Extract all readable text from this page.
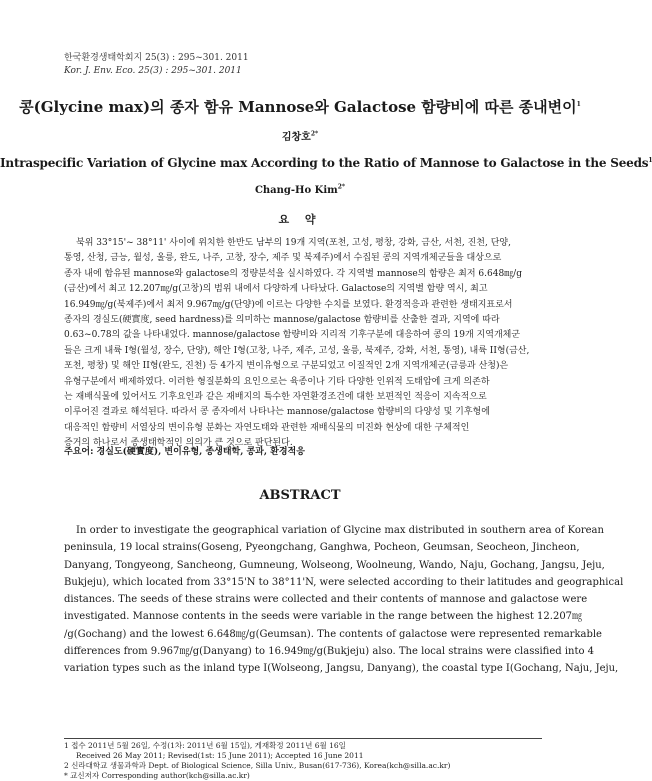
한국환경생태학회지 25(3) : 295~301. 2011
Kor. J. Env. Eco. 25(3) : 295~301. 2011
콩(Glycine max)의 종자 함유 Mannose와 Galactose 함량비에 따른 종내변이$^1$
김창호$^{2*}$
Intraspecific Variation of Glycine max According to the Ratio of Mannose to Galactose in the Seeds$^1$
Chang-Ho Kim$^{2*}$
요 약
북위 33°15'~ 38°11' 사이에 위치한 한반도 남부의 19개 지역(포천, 고성, 평창, 강화, 금산, 서천, 진천, 단양,
통영, 산청, 금능, 월성, 울릉, 완도, 나주, 고창, 장수, 제주 및 북제주)에서 수집된 콩의 지역개체군들을 대상으로
종자 내에 함유된 mannose와 galactose의 정량분석을 실시하였다. 각 지역별 mannose의 함량은 최저 6.648㎎/g
(금산)에서 최고 12.207㎎/g(고창)의 범위 내에서 다양하게 나타났다. Galactose의 지역별 함량 역시, 최고
16.949㎎/g(북제주)에서 최저 9.967㎎/g(단양)에 이르는 다양한 수치를 보였다. 환경적응과 관련한 생태지표로서
종자의 경실도(硬實度, seed hardness)를 의미하는 mannose/galactose 함량비를 산출한 결과, 지역에 따라
0.63~0.78의 값을 나타내었다. mannose/galactose 함량비와 지리적 기후구분에 대응하여 콩의 19개 지역개체군
들은 크게 내륙 I형(월성, 장수, 단양), 해안 I형(고창, 나주, 제주, 고성, 울릉, 북제주, 강화, 서천, 통영), 내륙 II형(금산,
포천, 평창) 및 해안 II형(완도, 진천) 등 4가지 변이유형으로 구분되었고 이질적인 2개 지역개체군(금릉과 산청)은
유형구분에서 배제하였다. 이러한 형질분화의 요인으로는 육종이나 기타 다양한 인위적 도태압에 크게 의존하
는 재배식물에 있어서도 기후요인과 같은 재배지의 특수한 자연환경조건에 대한 보편적인 적응이 지속적으로
이루어진 결과로 해석된다. 따라서 콩 종자에서 나타나는 mannose/galactose 함량비의 다양성 및 기후형에
대응적인 함량비 서열상의 변이유형 분화는 자연도태와 관련한 재배식물의 미진화 현상에 대한 구체적인
증거의 하나로서 종생태학적인 의의가 큰 것으로 판단된다.
주요어: 경실도(硬實度), 변이유형, 종생태학, 콩과, 환경적응
ABSTRACT
In order to investigate the geographical variation of Glycine max distributed in southern area of Korean
peninsula, 19 local strains(Goseng, Pyeongchang, Ganghwa, Pocheon, Geumsan, Seocheon, Jincheon,
Danyang, Tongyeong, Sancheong, Gumneung, Wolseong, Woolneung, Wando, Naju, Gochang, Jangsu, Jeju,
Bukjeju), which located from 33°15'N to 38°11'N, were selected according to their latitudes and geographical
distances. The seeds of these strains were collected and their contents of mannose and galactose were
investigated. Mannose contents in the seeds were variable in the range between the highest 12.207㎎
/g(Gochang) and the lowest 6.648㎎/g(Geumsan). The contents of galactose were represented remarkable
differences from 9.967㎎/g(Danyang) to 16.949㎎/g(Bukjeju) also. The local strains were classified into 4
variation types such as the inland type I(Wolseong, Jangsu, Danyang), the coastal type I(Gochang, Naju, Jeju,
1 접수 2011년 5월 26일, 수정(1차: 2011년 6월 15일), 게재확정 2011년 6월 16일
Received 26 May 2011; Revised(1st: 15 June 2011); Accepted 16 June 2011
2 신라대학교 생물과학과 Dept. of Biological Science, Silla Univ., Busan(617-736), Korea(kch@silla.ac.kr)
* 교신저자 Corresponding author(kch@silla.ac.kr)
